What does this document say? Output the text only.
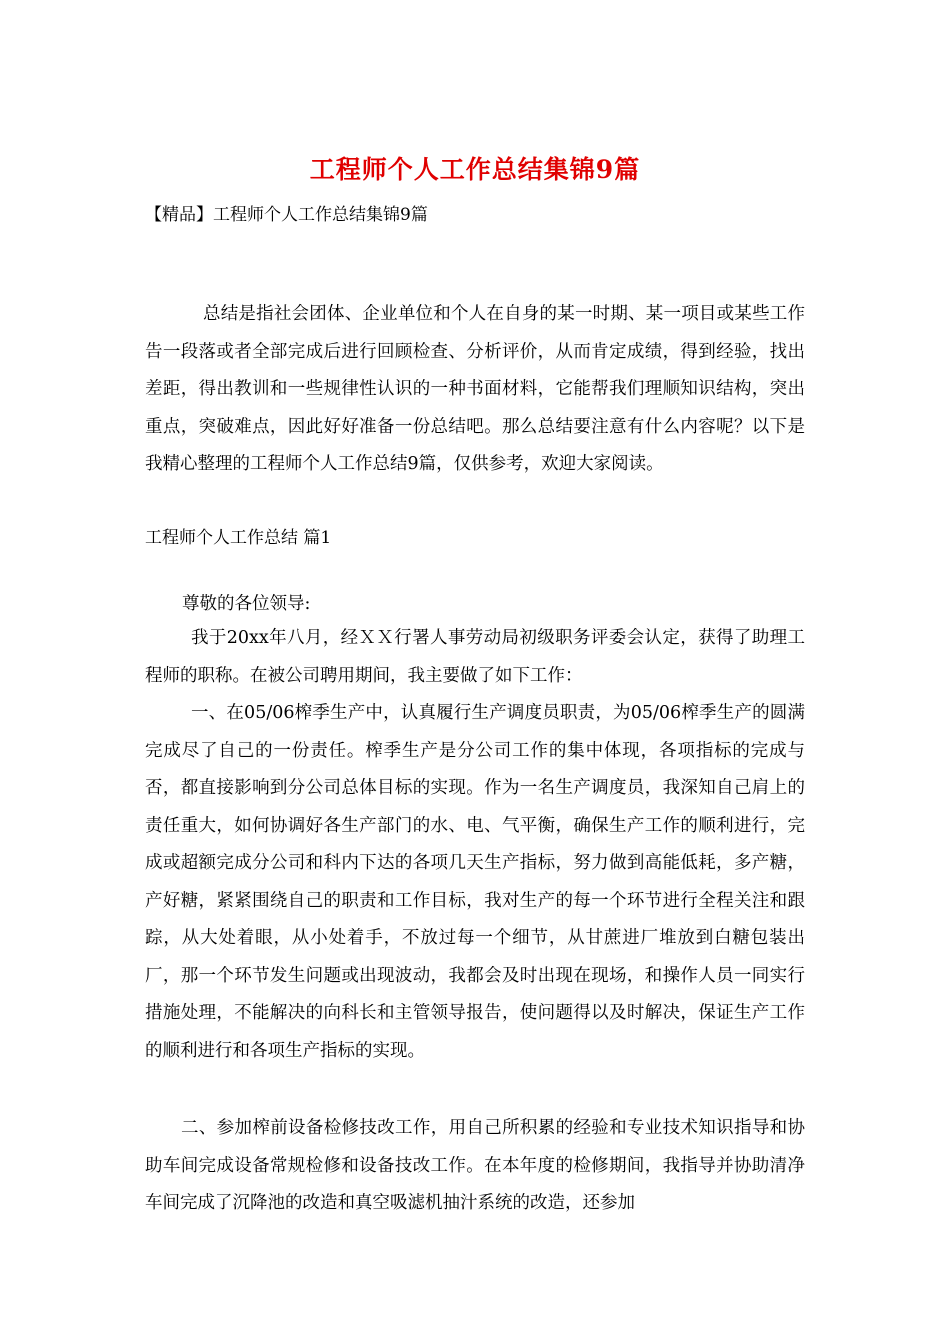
工程师个人工作总结集锦9篇
【精品】工程师个人工作总结集锦9篇
总结是指社会团体、企业单位和个人在自身的某一时期、某一项目或某些工作告一段落或者全部完成后进行回顾检查、分析评价，从而肯定成绩，得到经验，找出差距，得出教训和一些规律性认识的一种书面材料，它能帮我们理顺知识结构，突出重点，突破难点，因此好好准备一份总结吧。那么总结要注意有什么内容呢？以下是我精心整理的工程师个人工作总结9篇，仅供参考，欢迎大家阅读。
工程师个人工作总结 篇1
尊敬的各位领导:
我于20xx年八月，经ＸＸ行署人事劳动局初级职务评委会认定，获得了助理工程师的职称。在被公司聘用期间，我主要做了如下工作：
一、在05/06榨季生产中，认真履行生产调度员职责，为05/06榨季生产的圆满完成尽了自己的一份责任。榨季生产是分公司工作的集中体现，各项指标的完成与否，都直接影响到分公司总体目标的实现。作为一名生产调度员，我深知自己肩上的责任重大，如何协调好各生产部门的水、电、气平衡，确保生产工作的顺利进行，完成或超额完成分公司和科内下达的各项几天生产指标，努力做到高能低耗，多产糖，产好糖，紧紧围绕自己的职责和工作目标，我对生产的每一个环节进行全程关注和跟踪，从大处着眼，从小处着手，不放过每一个细节，从甘蔗进厂堆放到白糖包装出厂，那一个环节发生问题或出现波动，我都会及时出现在现场，和操作人员一同实行措施处理，不能解决的向科长和主管领导报告，使问题得以及时解决，保证生产工作的顺利进行和各项生产指标的实现。
二、参加榨前设备检修技改工作，用自己所积累的经验和专业技术知识指导和协助车间完成设备常规检修和设备技改工作。在本年度的检修期间，我指导并协助清净车间完成了沉降池的改造和真空吸滤机抽汁系统的改造，还参加
